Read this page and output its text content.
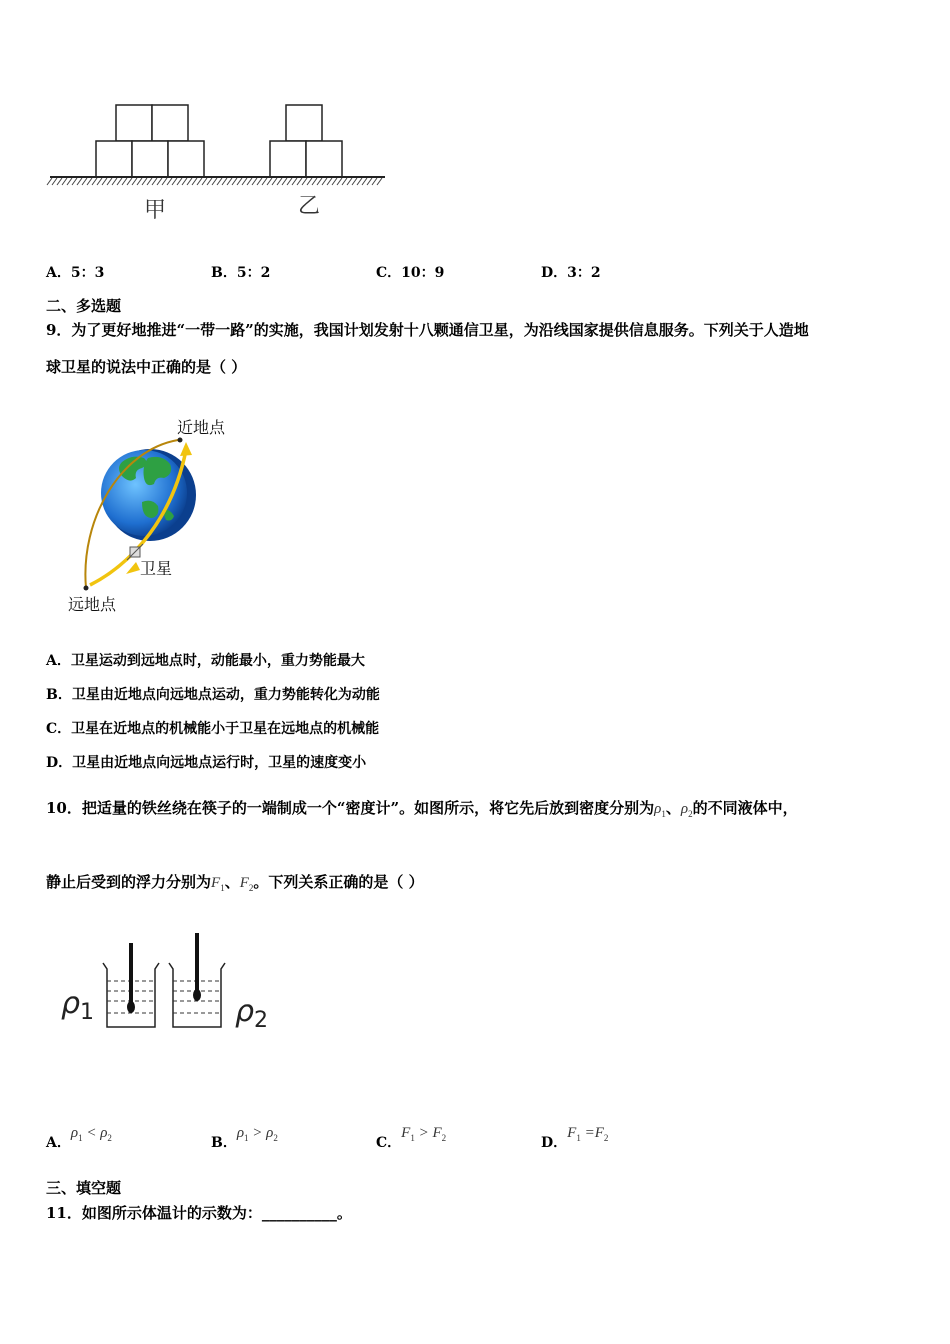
甲	乙
A．5：3	B．5：2	C．10：9	D．3：2
二、多选题
9．为了更好地推进“一带一路”的实施，我国计划发射十八颗通信卫星，为沿线国家提供信息服务。下列关于人造地
球卫星的说法中正确的是（ ）
近地点
卫星
远地点
A．卫星运动到远地点时，动能最小，重力势能最大
B．卫星由近地点向远地点运动，重力势能转化为动能
C．卫星在近地点的机械能小于卫星在远地点的机械能
D．卫星由近地点向远地点运行时，卫星的速度变小
10．把适量的铁丝绕在筷子的一端制成一个“密度计”。如图所示，将它先后放到密度分别为$\rho_1$、$\rho_2$的不同液体中，
静止后受到的浮力分别为$F_1$、$F_2$。下列关系正确的是（ ）
$\rho_1$	$\rho_2$
A．$\rho_1 < \rho_2$	B．$\rho_1 > \rho_2$	C．$F_1 > F_2$	D．$F_1 =F_2$
三、填空题
11．如图所示体温计的示数为：__________。
